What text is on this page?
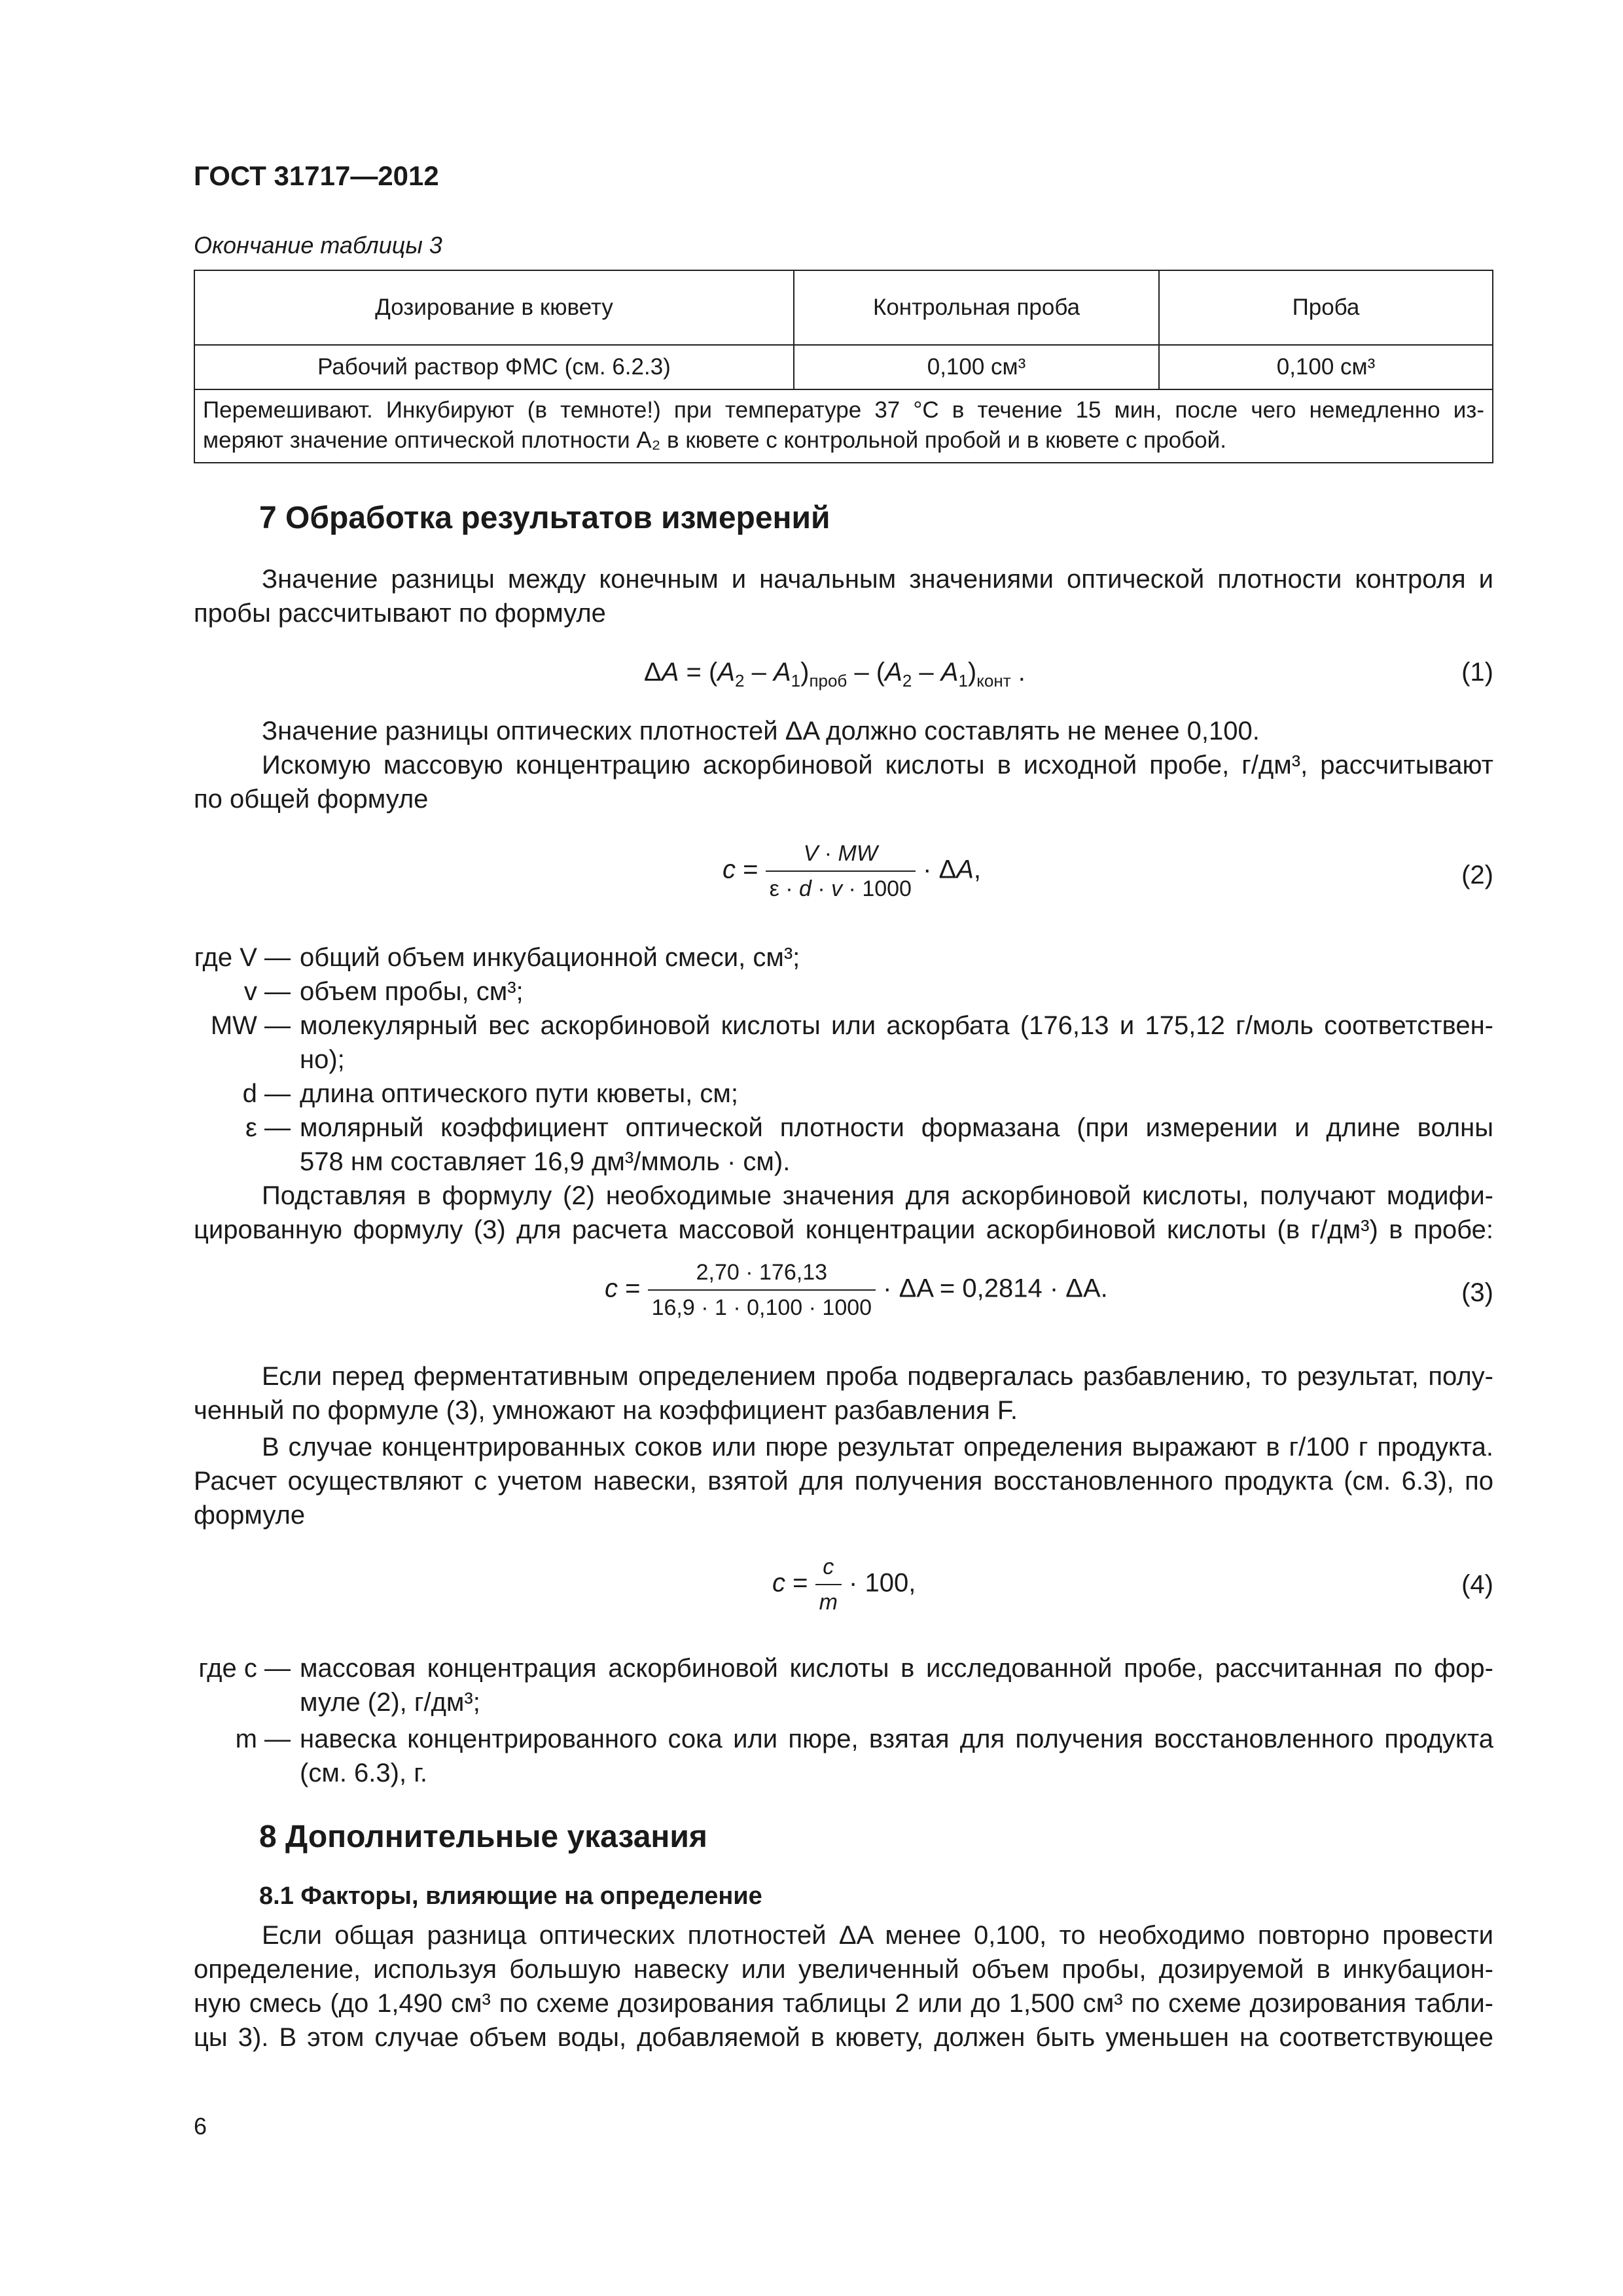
ГОСТ 31717—2012
Окончание таблицы 3
Дозирование в кювету	Контрольная проба	Проба
Рабочий раствор ФМС (см. 6.2.3)	0,100 см³	0,100 см³

Перемешивают. Инкубируют (в темноте!) при температуре 37 °С в течение 15 мин, после чего немедленно из-
меряют значение оптической плотности A₂ в кювете с контрольной пробой и в кювете с пробой.		
7 Обработка результатов измерений
Значение разницы между конечным и начальным значениями оптической плотности контроля и
пробы рассчитывают по формуле
$\Delta A = (A_2 - A_1)_{проб} - (A_2 - A_1)_{конт}$ .	(1)
Значение разницы оптических плотностей ΔA должно составлять не менее 0,100.
Искомую массовую концентрацию аскорбиновой кислоты в исходной пробе, г/дм³, рассчитывают
по общей формуле
$c = \frac{V \cdot MW}{\varepsilon \cdot d \cdot v \cdot 1000} \cdot \Delta A$,	(2)
где V — общий объем инкубационной смеси, см³;
v — объем пробы, см³;
MW — молекулярный вес аскорбиновой кислоты или аскорбата (176,13 и 175,12 г/моль соответствен-
но);
d — длина оптического пути кюветы, см;
ε — молярный коэффициент оптической плотности формазана (при измерении и длине волны
578 нм составляет 16,9 дм³/ммоль · см).
Подставляя в формулу (2) необходимые значения для аскорбиновой кислоты, получают модифи-
цированную формулу (3) для расчета массовой концентрации аскорбиновой кислоты (в г/дм³) в пробе:
$c = \frac{2,70 \cdot 176,13}{16,9 \cdot 1 \cdot 0,100 \cdot 1000} \cdot \Delta A = 0,2814 \cdot \Delta A$.	(3)
Если перед ферментативным определением проба подвергалась разбавлению, то результат, полу-
ченный по формуле (3), умножают на коэффициент разбавления F.
В случае концентрированных соков или пюре результат определения выражают в г/100 г продукта.
Расчет осуществляют с учетом навески, взятой для получения восстановленного продукта (см. 6.3), по
формуле
$c = \frac{c}{m} \cdot 100$,	(4)
где c — массовая концентрация аскорбиновой кислоты в исследованной пробе, рассчитанная по фор-
муле (2), г/дм³;
m — навеска концентрированного сока или пюре, взятая для получения восстановленного продукта
(см. 6.3), г.
8 Дополнительные указания
8.1 Факторы, влияющие на определение
Если общая разница оптических плотностей ΔA менее 0,100, то необходимо повторно провести
определение, используя большую навеску или увеличенный объем пробы, дозируемой в инкубацион-
ную смесь (до 1,490 см³ по схеме дозирования таблицы 2 или до 1,500 см³ по схеме дозирования табли-
цы 3). В этом случае объем воды, добавляемой в кювету, должен быть уменьшен на соответствующее
6
